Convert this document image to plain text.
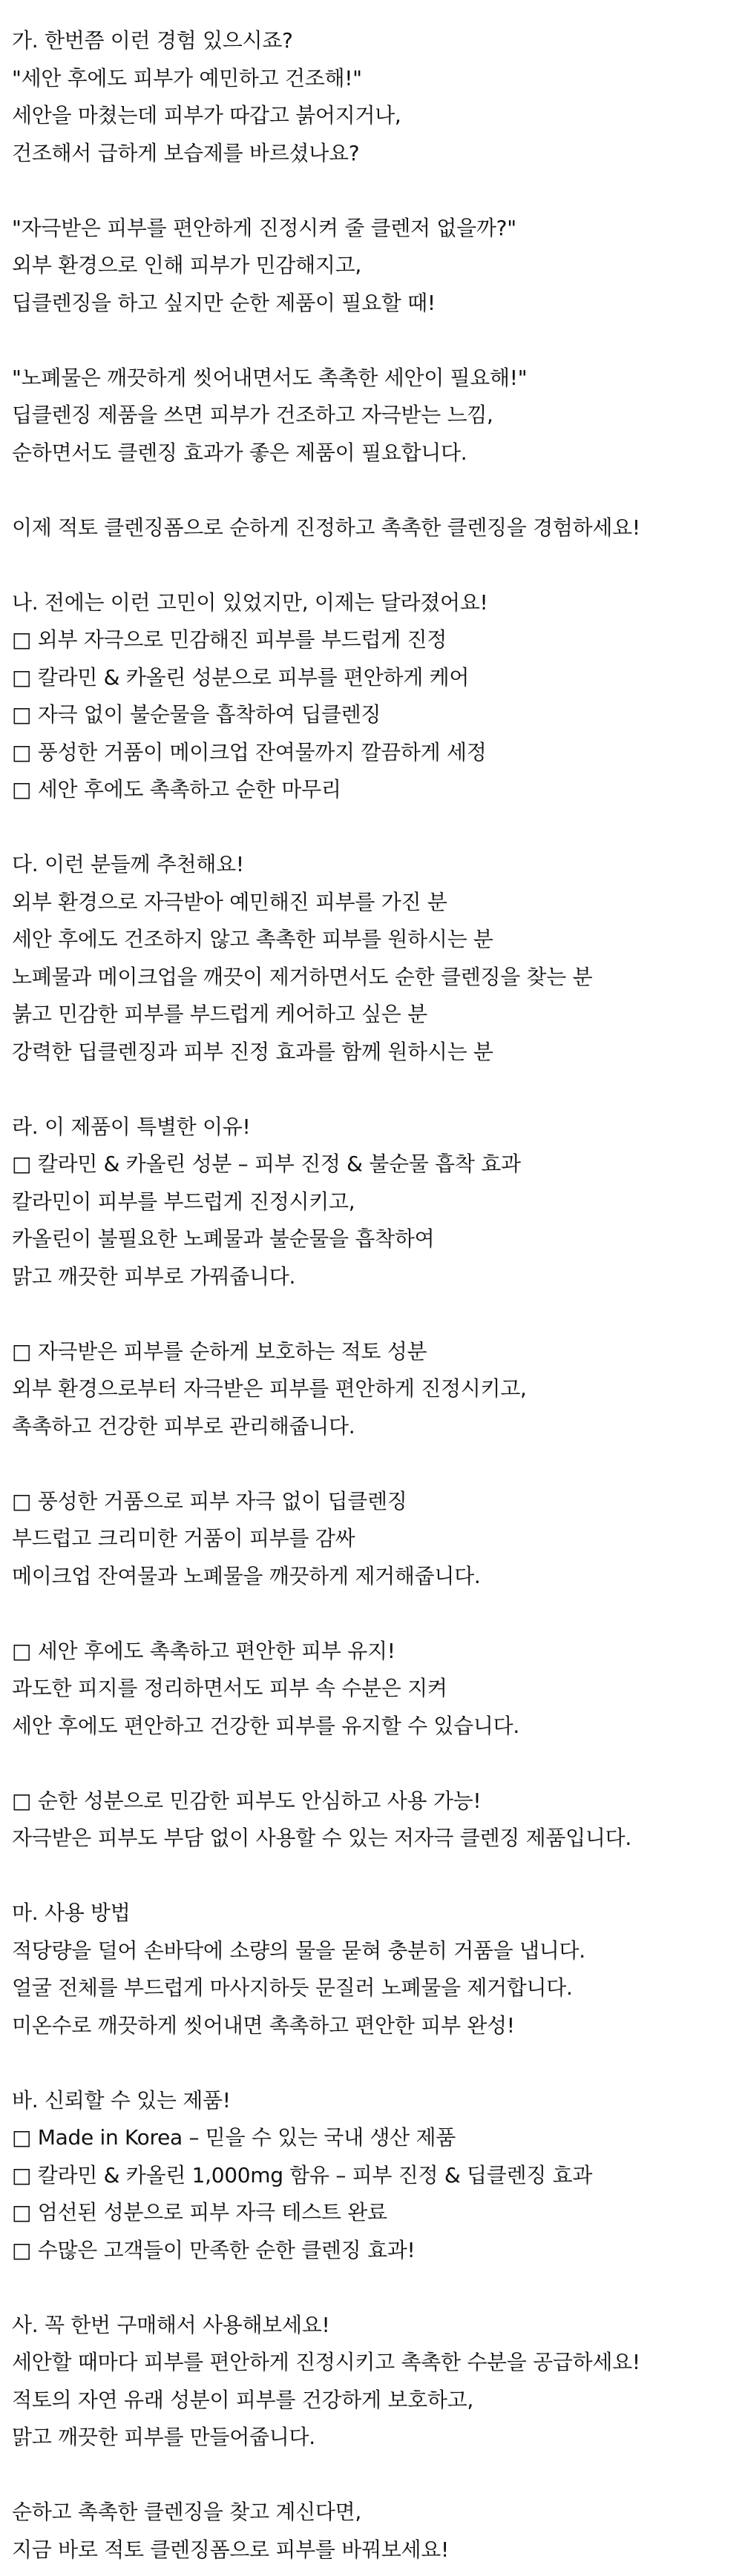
가. 한번쯤 이런 경험 있으시죠?
"세안 후에도 피부가 예민하고 건조해!"
세안을 마쳤는데 피부가 따갑고 붉어지거나,
건조해서 급하게 보습제를 바르셨나요?
"자극받은 피부를 편안하게 진정시켜 줄 클렌저 없을까?"
외부 환경으로 인해 피부가 민감해지고,
딥클렌징을 하고 싶지만 순한 제품이 필요할 때!
"노폐물은 깨끗하게 씻어내면서도 촉촉한 세안이 필요해!"
딥클렌징 제품을 쓰면 피부가 건조하고 자극받는 느낌,
순하면서도 클렌징 효과가 좋은 제품이 필요합니다.
이제 적토 클렌징폼으로 순하게 진정하고 촉촉한 클렌징을 경험하세요!
나. 전에는 이런 고민이 있었지만, 이제는 달라졌어요!
□ 외부 자극으로 민감해진 피부를 부드럽게 진정
□ 칼라민 & 카올린 성분으로 피부를 편안하게 케어
□ 자극 없이 불순물을 흡착하여 딥클렌징
□ 풍성한 거품이 메이크업 잔여물까지 깔끔하게 세정
□ 세안 후에도 촉촉하고 순한 마무리
다. 이런 분들께 추천해요!
외부 환경으로 자극받아 예민해진 피부를 가진 분
세안 후에도 건조하지 않고 촉촉한 피부를 원하시는 분
노폐물과 메이크업을 깨끗이 제거하면서도 순한 클렌징을 찾는 분
붉고 민감한 피부를 부드럽게 케어하고 싶은 분
강력한 딥클렌징과 피부 진정 효과를 함께 원하시는 분
라. 이 제품이 특별한 이유!
□ 칼라민 & 카올린 성분 – 피부 진정 & 불순물 흡착 효과
칼라민이 피부를 부드럽게 진정시키고,
카올린이 불필요한 노폐물과 불순물을 흡착하여
맑고 깨끗한 피부로 가꿔줍니다.
□ 자극받은 피부를 순하게 보호하는 적토 성분
외부 환경으로부터 자극받은 피부를 편안하게 진정시키고,
촉촉하고 건강한 피부로 관리해줍니다.
□ 풍성한 거품으로 피부 자극 없이 딥클렌징
부드럽고 크리미한 거품이 피부를 감싸
메이크업 잔여물과 노폐물을 깨끗하게 제거해줍니다.
□ 세안 후에도 촉촉하고 편안한 피부 유지!
과도한 피지를 정리하면서도 피부 속 수분은 지켜
세안 후에도 편안하고 건강한 피부를 유지할 수 있습니다.
□ 순한 성분으로 민감한 피부도 안심하고 사용 가능!
자극받은 피부도 부담 없이 사용할 수 있는 저자극 클렌징 제품입니다.
마. 사용 방법
적당량을 덜어 손바닥에 소량의 물을 묻혀 충분히 거품을 냅니다.
얼굴 전체를 부드럽게 마사지하듯 문질러 노폐물을 제거합니다.
미온수로 깨끗하게 씻어내면 촉촉하고 편안한 피부 완성!
바. 신뢰할 수 있는 제품!
□ Made in Korea – 믿을 수 있는 국내 생산 제품
□ 칼라민 & 카올린 1,000mg 함유 – 피부 진정 & 딥클렌징 효과
□ 엄선된 성분으로 피부 자극 테스트 완료
□ 수많은 고객들이 만족한 순한 클렌징 효과!
사. 꼭 한번 구매해서 사용해보세요!
세안할 때마다 피부를 편안하게 진정시키고 촉촉한 수분을 공급하세요!
적토의 자연 유래 성분이 피부를 건강하게 보호하고,
맑고 깨끗한 피부를 만들어줍니다.
순하고 촉촉한 클렌징을 찾고 계신다면,
지금 바로 적토 클렌징폼으로 피부를 바꿔보세요!
